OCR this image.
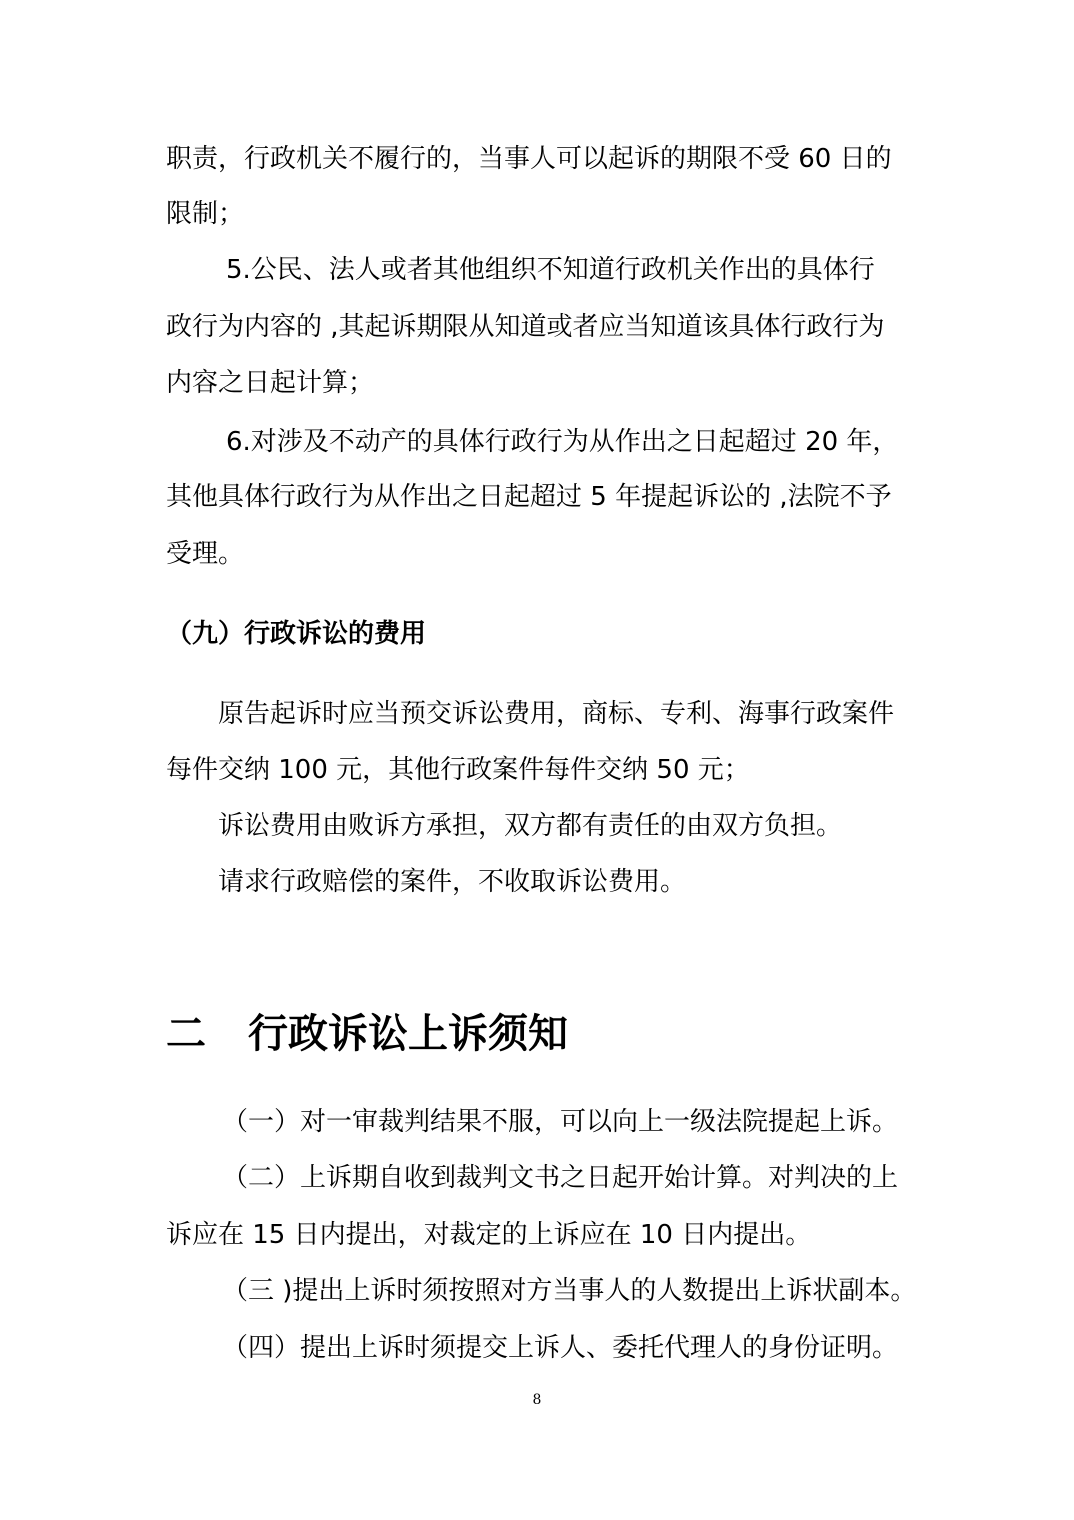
职责，行政机关不履行的，当事人可以起诉的期限不受 60 日的

限制；

5.公民、法人或者其他组织不知道行政机关作出的具体行

政行为内容的 ,其起诉期限从知道或者应当知道该具体行政行为

内容之日起计算；

6.对涉及不动产的具体行政行为从作出之日起超过 20 年，

其他具体行政行为从作出之日起超过 5 年提起诉讼的 ,法院不予

受理。

（九）行政诉讼的费用

原告起诉时应当预交诉讼费用，商标、专利、海事行政案件

每件交纳 100 元，其他行政案件每件交纳 50 元；

诉讼费用由败诉方承担，双方都有责任的由双方负担。

请求行政赔偿的案件，不收取诉讼费用。

二 行政诉讼上诉须知

（一）对一审裁判结果不服，可以向上一级法院提起上诉。

（二）上诉期自收到裁判文书之日起开始计算。对判决的上

诉应在 15 日内提出，对裁定的上诉应在 10 日内提出。

（三 )提出上诉时须按照对方当事人的人数提出上诉状副本。

（四）提出上诉时须提交上诉人、委托代理人的身份证明。

8
